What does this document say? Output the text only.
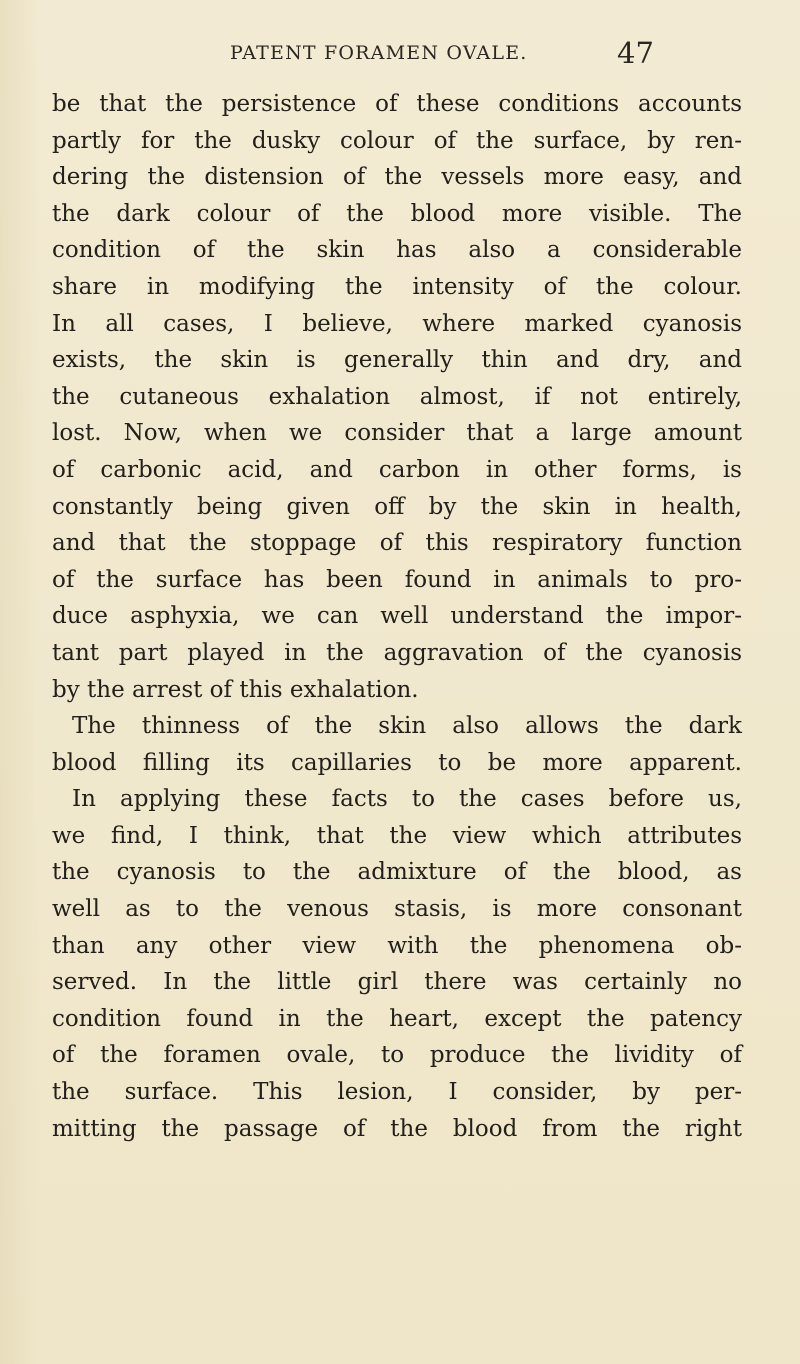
PATENT FORAMEN OVALE.	47
be that the persistence of these conditions accounts
partly for the dusky colour of the surface, by ren-
dering the distension of the vessels more easy, and
the dark colour of the blood more visible. The
condition of the skin has also a considerable
share in modifying the intensity of the colour.
In all cases, I believe, where marked cyanosis
exists, the skin is generally thin and dry, and
the cutaneous exhalation almost, if not entirely,
lost. Now, when we consider that a large amount
of carbonic acid, and carbon in other forms, is
constantly being given off by the skin in health,
and that the stoppage of this respiratory function
of the surface has been found in animals to pro-
duce asphyxia, we can well understand the impor-
tant part played in the aggravation of the cyanosis
by the arrest of this exhalation.
The thinness of the skin also allows the dark
blood filling its capillaries to be more apparent.
In applying these facts to the cases before us,
we find, I think, that the view which attributes
the cyanosis to the admixture of the blood, as
well as to the venous stasis, is more consonant
than any other view with the phenomena ob-
served. In the little girl there was certainly no
condition found in the heart, except the patency
of the foramen ovale, to produce the lividity of
the surface. This lesion, I consider, by per-
mitting the passage of the blood from the right
